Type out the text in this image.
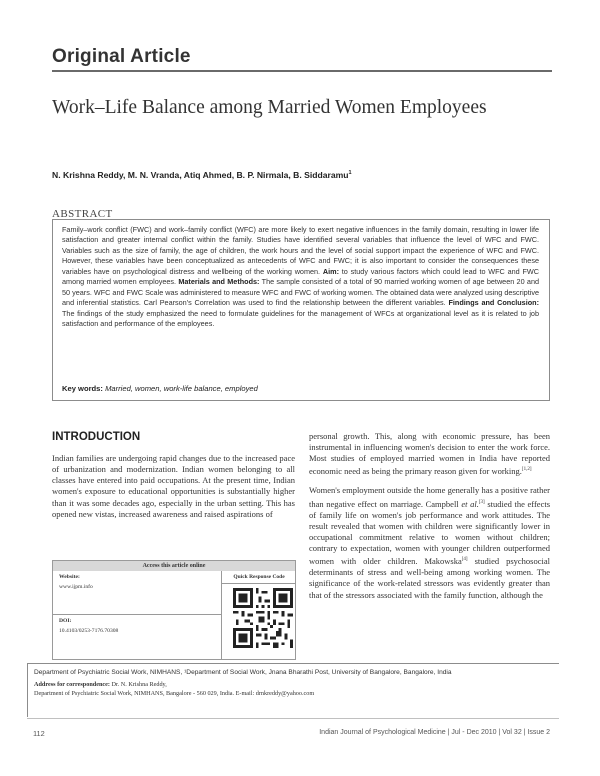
Original Article
Work–Life Balance among Married Women Employees
N. Krishna Reddy, M. N. Vranda, Atiq Ahmed, B. P. Nirmala, B. Siddaramu$^1$
ABSTRACT
Family–work conflict (FWC) and work–family conflict (WFC) are more likely to exert negative influences in the family domain, resulting in lower life satisfaction and greater internal conflict within the family. Studies have identified several variables that influence the level of WFC and FWC. Variables such as the size of family, the age of children, the work hours and the level of social support impact the experience of WFC and FWC. However, these variables have been conceptualized as antecedents of WFC and FWC; it is also important to consider the consequences these variables have on psychological distress and wellbeing of the working women. Aim: to study various factors which could lead to WFC and FWC among married women employees. Materials and Methods: The sample consisted of a total of 90 married working women of age between 20 and 50 years. WFC and FWC Scale was administered to measure WFC and FWC of working women. The obtained data were analyzed using descriptive and inferential statistics. Carl Pearson's Correlation was used to find the relationship between the different variables. Findings and Conclusion: The findings of the study emphasized the need to formulate guidelines for the management of WFCs at organizational level as it is related to job satisfaction and performance of the employees.
Key words: Married, women, work-life balance, employed
INTRODUCTION

Indian families are undergoing rapid changes due to the increased pace of urbanization and modernization. Indian women belonging to all classes have entered into paid occupations. At the present time, Indian women's exposure to educational opportunities is substantially higher than it was some decades ago, especially in the urban setting. This has opened new vistas, increased awareness and raised aspirations of

personal growth. This, along with economic pressure, has been instrumental in influencing women's decision to enter the work force. Most studies of employed married women in India have reported economic need as being the primary reason given for working.[1,2]

Women's employment outside the home generally has a positive rather than negative effect on marriage. Campbell et al.[3] studied the effects of family life on women's job performance and work attitudes. The result revealed that women with children were significantly lower in occupational commitment relative to women without children; contrary to expectation, women with younger children outperformed women with older children. Makowska[4] studied psychosocial determinants of stress and well-being among working women. The significance of the work-related stressors was evidently greater than that of the stressors associated with the family function, although the

Access this article online
Website:
www.ijpm.info
DOI:
10.4103/0253-7176.70308
Quick Response Code
Department of Psychiatric Social Work, NIMHANS, ¹Department of Social Work, Jnana Bharathi Post, University of Bangalore, Bangalore, India
Address for correspondence: Dr. N. Krishna Reddy,
Department of Psychiatric Social Work, NIMHANS, Bangalore - 560 029, India. E-mail: drnkreddy@yahoo.com
112	Indian Journal of Psychological Medicine | Jul - Dec 2010 | Vol 32 | Issue 2
